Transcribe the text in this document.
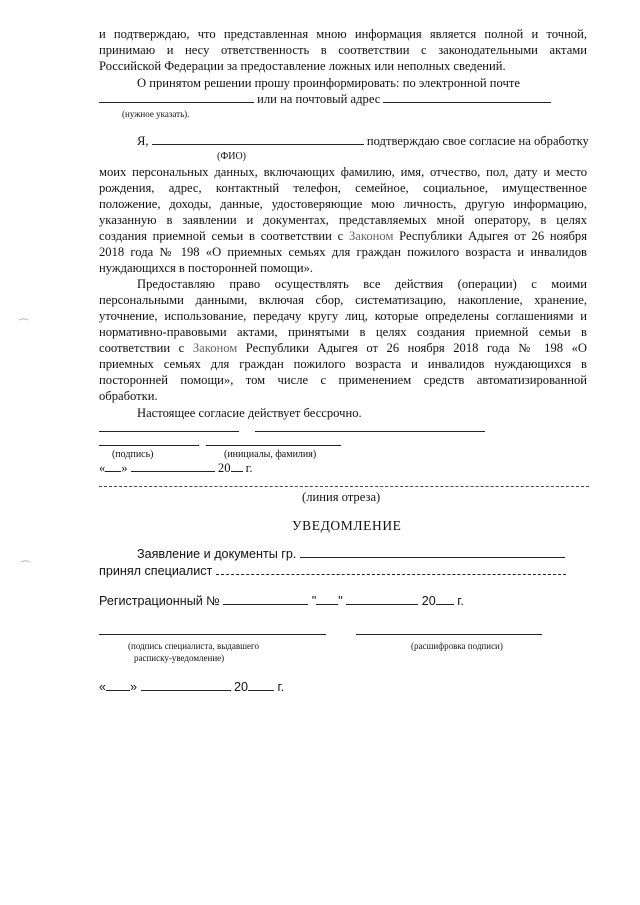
и подтверждаю, что представленная мною информация является полной и точной,
принимаю и несу ответственность в соответствии с законодательными актами
Российской Федерации за предоставление ложных или неполных сведений.
О принятом решении прошу проинформировать: по электронной почте
или на почтовый адрес
(нужное указать).
Я,	подтверждаю свое согласие на обработку
(ФИО)
моих персональных данных, включающих фамилию, имя, отчество, пол, дату и место
рождения, адрес, контактный телефон, семейное, социальное, имущественное
положение, доходы, данные, удостоверяющие мою личность, другую информацию,
указанную в заявлении и документах, представляемых мной оператору, в целях
создания приемной семьи в соответствии с Законом Республики Адыгея от 26 ноября
2018 года № 198 «О приемных семьях для граждан пожилого возраста и инвалидов
нуждающихся в посторонней помощи».
Предоставляю право осуществлять все действия (операции) с моими
персональными данными, включая сбор, систематизацию, накопление, хранение,
уточнение, использование, передачу кругу лиц, которые определены соглашениями и
нормативно-правовыми актами, принятыми в целях создания приемной семьи в
соответствии с Законом Республики Адыгея от 26 ноября 2018 года № 198 «О
приемных семьях для граждан пожилого возраста и инвалидов нуждающихся в
посторонней помощи», том числе с применением средств автоматизированной
обработки.
Настоящее согласие действует бессрочно.
(подпись)	(инициалы, фамилия)
« »	20 г.
(линия отреза)
УВЕДОМЛЕНИЕ
Заявление и документы гр.
принял специалист
Регистрационный №	" "	20 г.
(подпись специалиста, выдавшего
расписку-уведомление)
(расшифровка подписи)
« »	20 г.
⌒
⌒
